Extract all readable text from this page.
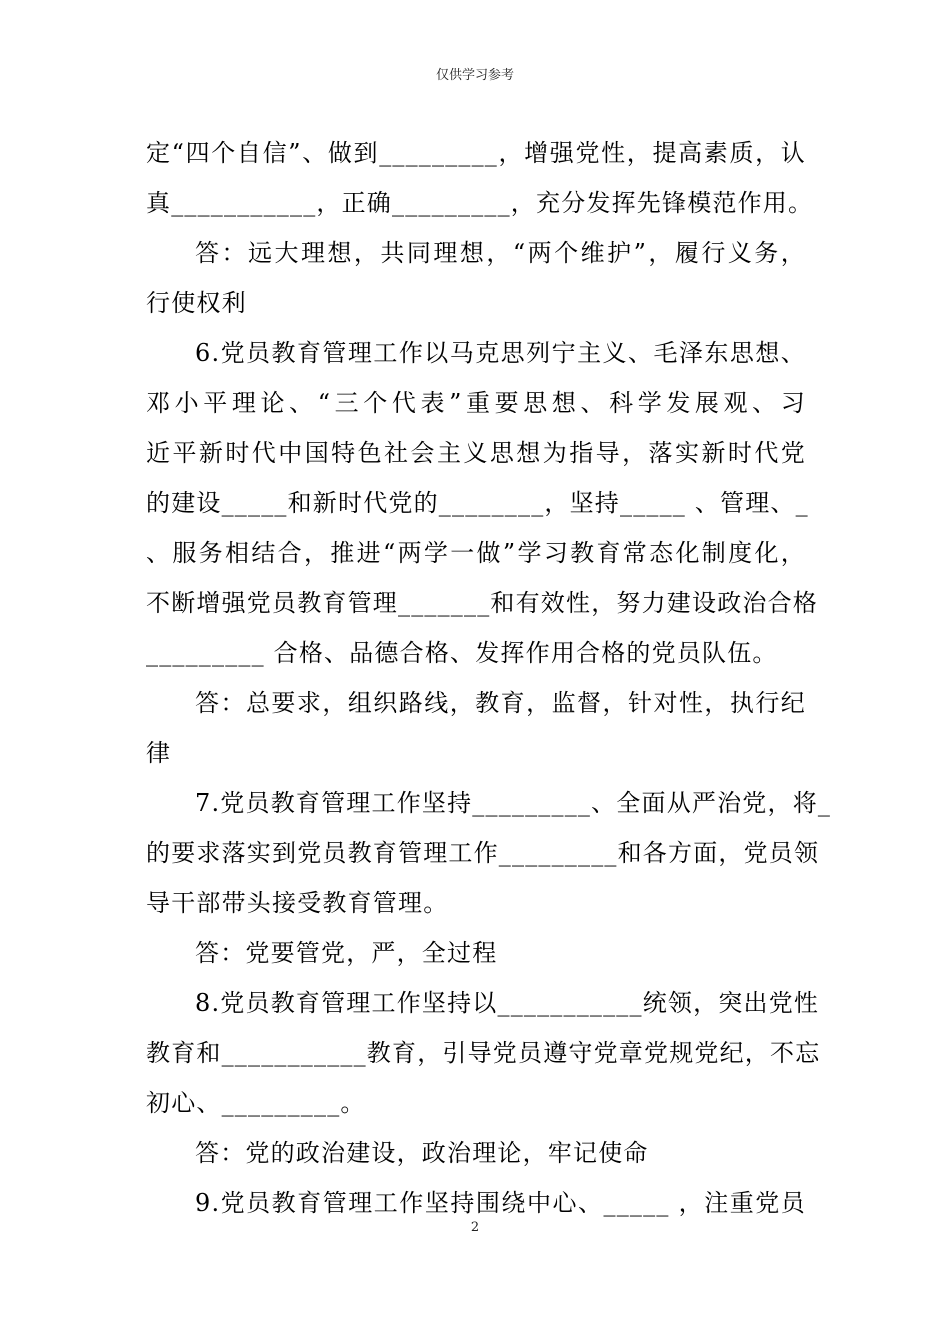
仅供学习参考
定“四个自信”、做到_________，增强党性，提高素质，认
真___________，正确_________，充分发挥先锋模范作用。
答：远大理想，共同理想，“两个维护”，履行义务，
行使权利
6.党员教育管理工作以马克思列宁主义、毛泽东思想、
邓小平理论、“三个代表”重要思想、科学发展观、习
近平新时代中国特色社会主义思想为指导，落实新时代党
的建设_____和新时代党的________，坚持_____ 、管理、_
、服务相结合，推进“两学一做”学习教育常态化制度化，
不断增强党员教育管理_______和有效性，努力建设政治合格
_________ 合格、品德合格、发挥作用合格的党员队伍。
答：总要求，组织路线，教育，监督，针对性，执行纪
律
7.党员教育管理工作坚持_________、全面从严治党，将_
的要求落实到党员教育管理工作_________和各方面，党员领
导干部带头接受教育管理。
答：党要管党，严，全过程
8.党员教育管理工作坚持以___________统领，突出党性
教育和___________教育，引导党员遵守党章党规党纪，不忘
初心、_________。
答：党的政治建设，政治理论，牢记使命
9.党员教育管理工作坚持围绕中心、_____ ，注重党员
2
